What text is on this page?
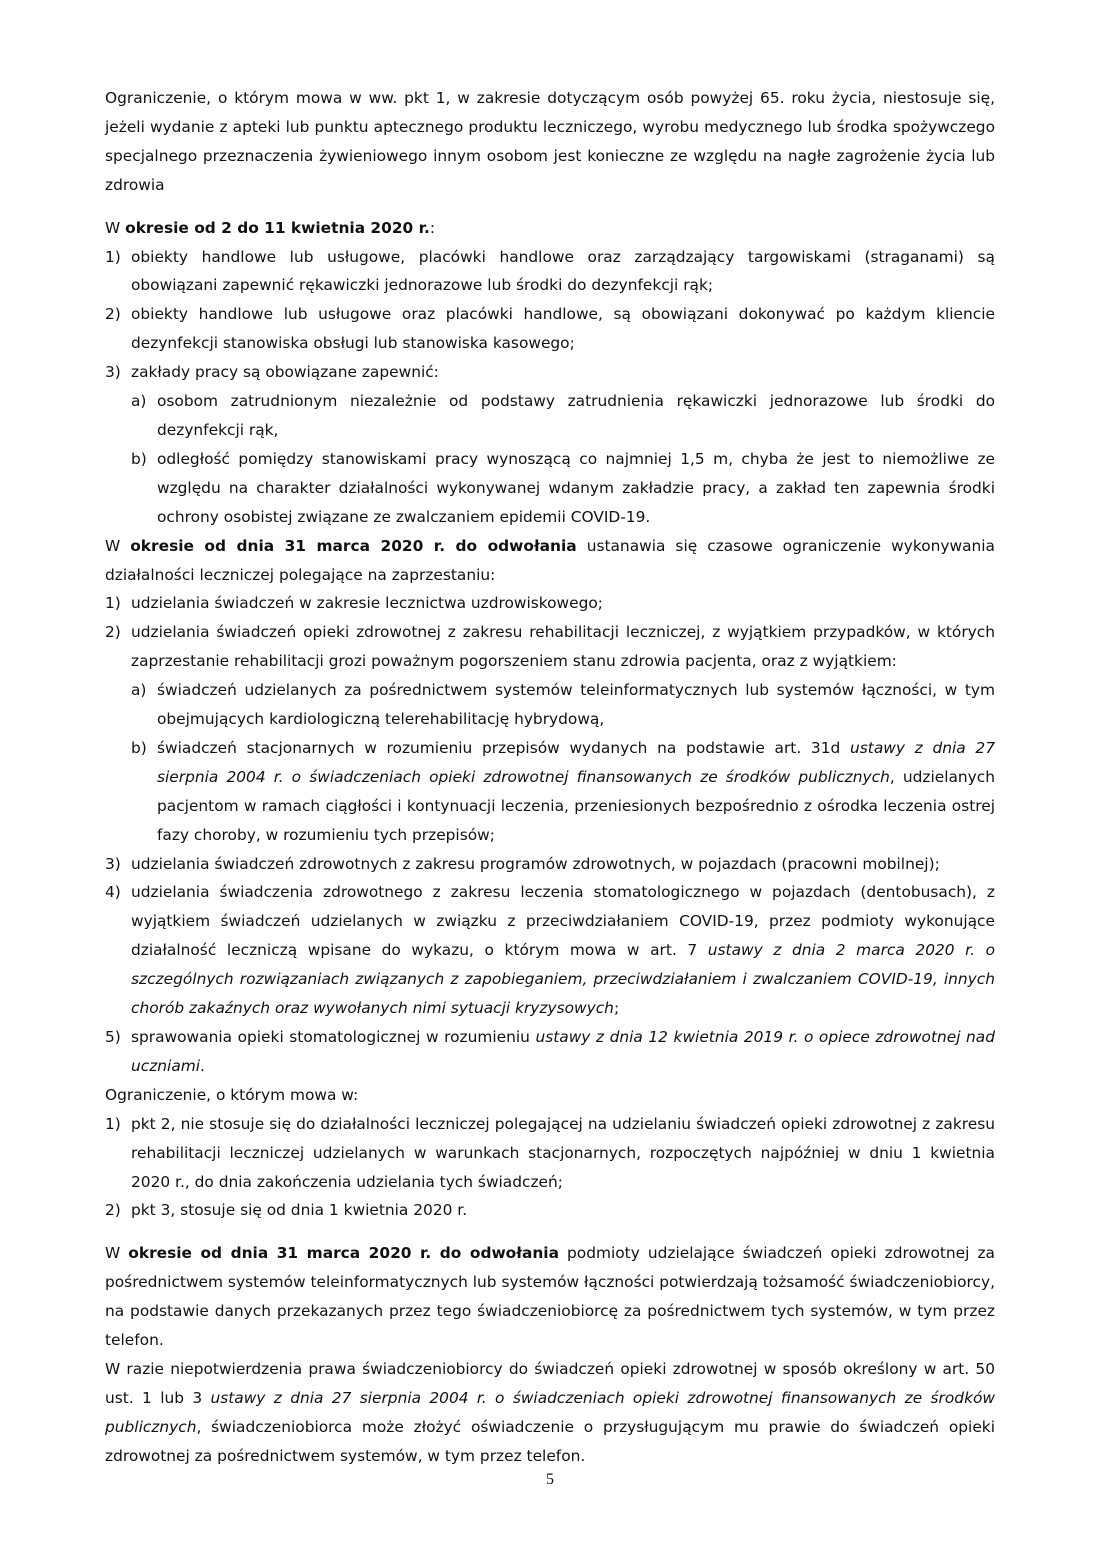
Ograniczenie, o którym mowa w ww. pkt 1, w zakresie dotyczącym osób powyżej 65. roku życia, niestosuje się, jeżeli wydanie z apteki lub punktu aptecznego produktu leczniczego, wyrobu medycznego lub środka spożywczego specjalnego przeznaczenia żywieniowego innym osobom jest konieczne ze względu na nagłe zagrożenie życia lub zdrowia

W okresie od 2 do 11 kwietnia 2020 r.:

1) obiekty handlowe lub usługowe, placówki handlowe oraz zarządzający targowiskami (straganami) są obowiązani zapewnić rękawiczki jednorazowe lub środki do dezynfekcji rąk;
2) obiekty handlowe lub usługowe oraz placówki handlowe, są obowiązani dokonywać po każdym kliencie dezynfekcji stanowiska obsługi lub stanowiska kasowego;
3) zakłady pracy są obowiązane zapewnić:
a) osobom zatrudnionym niezależnie od podstawy zatrudnienia rękawiczki jednorazowe lub środki do dezynfekcji rąk,
b) odległość pomiędzy stanowiskami pracy wynoszącą co najmniej 1,5 m, chyba że jest to niemożliwe ze względu na charakter działalności wykonywanej wdanym zakładzie pracy, a zakład ten zapewnia środki ochrony osobistej związane ze zwalczaniem epidemii COVID-19.

W okresie od dnia 31 marca 2020 r. do odwołania ustanawia się czasowe ograniczenie wykonywania działalności leczniczej polegające na zaprzestaniu:

1) udzielania świadczeń w zakresie lecznictwa uzdrowiskowego;
2) udzielania świadczeń opieki zdrowotnej z zakresu rehabilitacji leczniczej, z wyjątkiem przypadków, w których zaprzestanie rehabilitacji grozi poważnym pogorszeniem stanu zdrowia pacjenta, oraz z wyjątkiem:
a) świadczeń udzielanych za pośrednictwem systemów teleinformatycznych lub systemów łączności, w tym obejmujących kardiologiczną telerehabilitację hybrydową,
b) świadczeń stacjonarnych w rozumieniu przepisów wydanych na podstawie art. 31d ustawy z dnia 27 sierpnia 2004 r. o świadczeniach opieki zdrowotnej finansowanych ze środków publicznych, udzielanych pacjentom w ramach ciągłości i kontynuacji leczenia, przeniesionych bezpośrednio z ośrodka leczenia ostrej fazy choroby, w rozumieniu tych przepisów;
3) udzielania świadczeń zdrowotnych z zakresu programów zdrowotnych, w pojazdach (pracowni mobilnej);
4) udzielania świadczenia zdrowotnego z zakresu leczenia stomatologicznego w pojazdach (dentobusach), z wyjątkiem świadczeń udzielanych w związku z przeciwdziałaniem COVID-19, przez podmioty wykonujące działalność leczniczą wpisane do wykazu, o którym mowa w art. 7 ustawy z dnia 2 marca 2020 r. o szczególnych rozwiązaniach związanych z zapobieganiem, przeciwdziałaniem i zwalczaniem COVID-19, innych chorób zakaźnych oraz wywołanych nimi sytuacji kryzysowych;
5) sprawowania opieki stomatologicznej w rozumieniu ustawy z dnia 12 kwietnia 2019 r. o opiece zdrowotnej nad uczniami.

Ograniczenie, o którym mowa w:

1) pkt 2, nie stosuje się do działalności leczniczej polegającej na udzielaniu świadczeń opieki zdrowotnej z zakresu rehabilitacji leczniczej udzielanych w warunkach stacjonarnych, rozpoczętych najpóźniej w dniu 1 kwietnia 2020 r., do dnia zakończenia udzielania tych świadczeń;
2) pkt 3, stosuje się od dnia 1 kwietnia 2020 r.

W okresie od dnia 31 marca 2020 r. do odwołania podmioty udzielające świadczeń opieki zdrowotnej za pośrednictwem systemów teleinformatycznych lub systemów łączności potwierdzają tożsamość świadczeniobiorcy, na podstawie danych przekazanych przez tego świadczeniobiorcę za pośrednictwem tych systemów, w tym przez telefon.

W razie niepotwierdzenia prawa świadczeniobiorcy do świadczeń opieki zdrowotnej w sposób określony w art. 50 ust. 1 lub 3 ustawy z dnia 27 sierpnia 2004 r. o świadczeniach opieki zdrowotnej finansowanych ze środków publicznych, świadczeniobiorca może złożyć oświadczenie o przysługującym mu prawie do świadczeń opieki zdrowotnej za pośrednictwem systemów, w tym przez telefon.

5
